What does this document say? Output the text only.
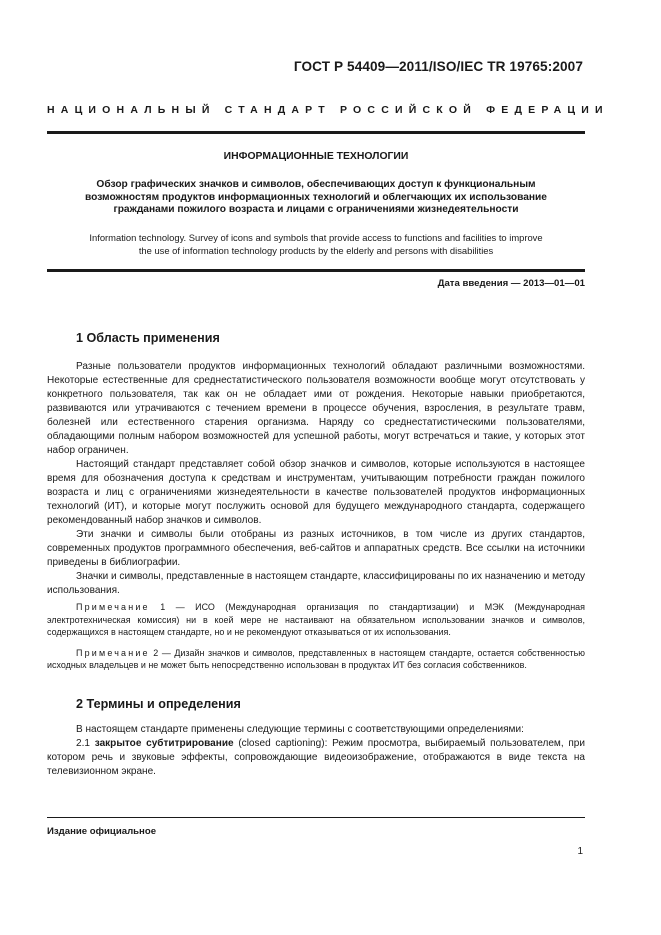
ГОСТ Р 54409—2011/ISO/IEC TR 19765:2007
НАЦИОНАЛЬНЫЙ СТАНДАРТ РОССИЙСКОЙ ФЕДЕРАЦИИ
ИНФОРМАЦИОННЫЕ ТЕХНОЛОГИИ
Обзор графических значков и символов, обеспечивающих доступ к функциональным
возможностям продуктов информационных технологий и облегчающих их использование
гражданами пожилого возраста и лицами с ограничениями жизнедеятельности
Information technology. Survey of icons and symbols that provide access to functions and facilities to improve
the use of information technology products by the elderly and persons with disabilities
Дата введения — 2013—01—01
1 Область применения

Разные пользователи продуктов информационных технологий обладают различными возможностями. Некоторые естественные для среднестатистического пользователя возможности вообще могут отсутствовать у конкретного пользователя, так как он не обладает ими от рождения. Некоторые навыки приобретаются, развиваются или утрачиваются с течением времени в процессе обучения, взросления, в результате травм, болезней или естественного старения организма. Наряду со среднестатистическими пользователями, обладающими полным набором возможностей для успешной работы, могут встречаться и такие, у которых этот набор ограничен.

Настоящий стандарт представляет собой обзор значков и символов, которые используются в настоящее время для обозначения доступа к средствам и инструментам, учитывающим потребности граждан пожилого возраста и лиц с ограничениями жизнедеятельности в качестве пользователей продуктов информационных технологий (ИТ), и которые могут послужить основой для будущего международного стандарта, содержащего рекомендованный набор значков и символов.

Эти значки и символы были отобраны из разных источников, в том числе из других стандартов, современных продуктов программного обеспечения, веб-сайтов и аппаратных средств. Все ссылки на источники приведены в библиографии.

Значки и символы, представленные в настоящем стандарте, классифицированы по их назначению и методу использования.

Примечание 1 — ИСО (Международная организация по стандартизации) и МЭК (Международная электротехническая комиссия) ни в коей мере не настаивают на обязательном использовании значков и символов, содержащихся в настоящем стандарте, но и не рекомендуют отказываться от их использования.

Примечание 2 — Дизайн значков и символов, представленных в настоящем стандарте, остается собственностью исходных владельцев и не может быть непосредственно использован в продуктах ИТ без согласия собственников.

2 Термины и определения

В настоящем стандарте применены следующие термины с соответствующими определениями:

2.1 закрытое субтитрирование (closed captioning): Режим просмотра, выбираемый пользователем, при котором речь и звуковые эффекты, сопровождающие видеоизображение, отображаются в виде текста на телевизионном экране.

Издание официальное
1
